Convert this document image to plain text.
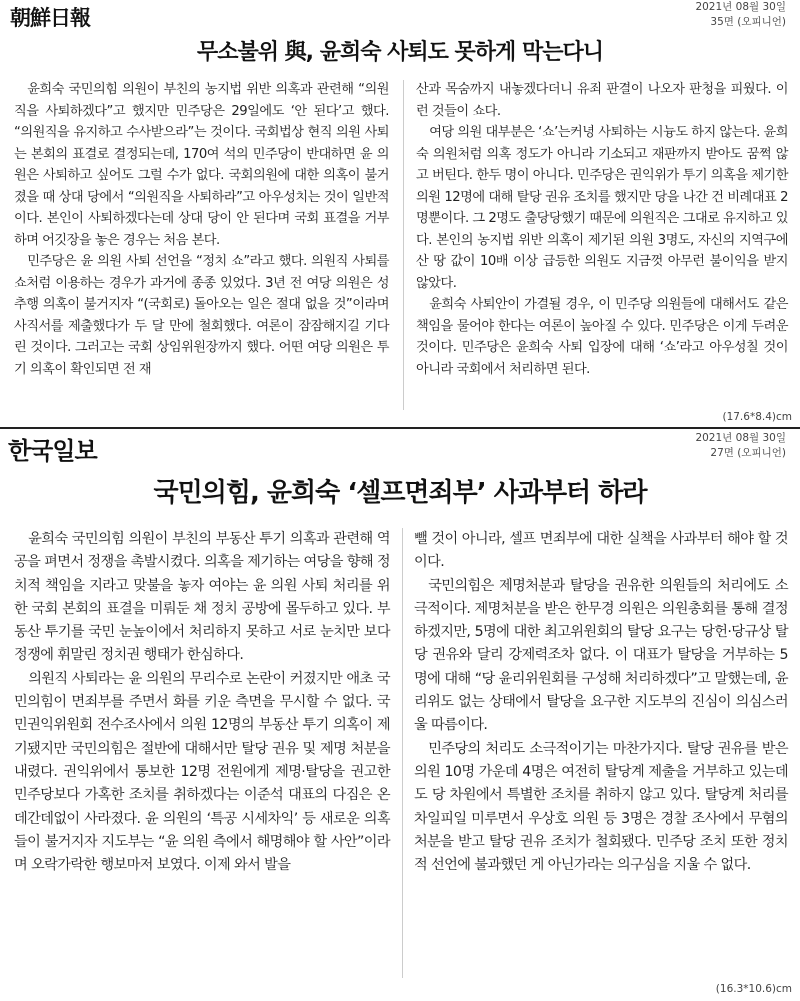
朝鮮日報	2021년 08월 30일
35면 (오피니언)
무소불위 與, 윤희숙 사퇴도 못하게 막는다니

윤희숙 국민의힘 의원이 부친의 농지법 위반 의혹과 관련해 “의원직을 사퇴하겠다”고 했지만 민주당은 29일에도 ‘안 된다’고 했다. “의원직을 유지하고 수사받으라”는 것이다. 국회법상 현직 의원 사퇴는 본회의 표결로 결정되는데, 170여 석의 민주당이 반대하면 윤 의원은 사퇴하고 싶어도 그럴 수가 없다. 국회의원에 대한 의혹이 불거졌을 때 상대 당에서 “의원직을 사퇴하라”고 아우성치는 것이 일반적이다. 본인이 사퇴하겠다는데 상대 당이 안 된다며 국회 표결을 거부하며 어깃장을 놓은 경우는 처음 본다.

민주당은 윤 의원 사퇴 선언을 “정치 쇼”라고 했다. 의원직 사퇴를 쇼처럼 이용하는 경우가 과거에 종종 있었다. 3년 전 여당 의원은 성추행 의혹이 불거지자 “(국회로) 돌아오는 일은 절대 없을 것”이라며 사직서를 제출했다가 두 달 만에 철회했다. 여론이 잠잠해지길 기다린 것이다. 그러고는 국회 상임위원장까지 했다. 어떤 여당 의원은 투기 의혹이 확인되면 전 재

산과 목숨까지 내놓겠다더니 유죄 판결이 나오자 판청을 피웠다. 이런 것들이 쇼다.

여당 의원 대부분은 ‘쇼’는커녕 사퇴하는 시늉도 하지 않는다. 윤희숙 의원처럼 의혹 정도가 아니라 기소되고 재판까지 받아도 꿈쩍 않고 버틴다. 한두 명이 아니다. 민주당은 권익위가 투기 의혹을 제기한 의원 12명에 대해 탈당 권유 조치를 했지만 당을 나간 건 비례대표 2명뿐이다. 그 2명도 출당당했기 때문에 의원직은 그대로 유지하고 있다. 본인의 농지법 위반 의혹이 제기된 의원 3명도, 자신의 지역구에 산 땅 값이 10배 이상 급등한 의원도 지금껏 아무런 불이익을 받지 않았다.

윤희숙 사퇴안이 가결될 경우, 이 민주당 의원들에 대해서도 같은 책임을 물어야 한다는 여론이 높아질 수 있다. 민주당은 이게 두려운 것이다. 민주당은 윤희숙 사퇴 입장에 대해 ‘쇼’라고 아우성칠 것이 아니라 국회에서 처리하면 된다.

(17.6*8.4)cm
한국일보	2021년 08월 30일
27면 (오피니언)
국민의힘, 윤희숙 ‘셀프면죄부’ 사과부터 하라

윤희숙 국민의힘 의원이 부친의 부동산 투기 의혹과 관련해 역공을 펴면서 정쟁을 촉발시켰다. 의혹을 제기하는 여당을 향해 정치적 책임을 지라고 맞불을 놓자 여야는 윤 의원 사퇴 처리를 위한 국회 본회의 표결을 미뤄둔 채 정치 공방에 몰두하고 있다. 부동산 투기를 국민 눈높이에서 처리하지 못하고 서로 눈치만 보다 정쟁에 휘말린 정치권 행태가 한심하다.

의원직 사퇴라는 윤 의원의 무리수로 논란이 커졌지만 애초 국민의힘이 면죄부를 주면서 화를 키운 측면을 무시할 수 없다. 국민권익위원회 전수조사에서 의원 12명의 부동산 투기 의혹이 제기됐지만 국민의힘은 절반에 대해서만 탈당 권유 및 제명 처분을 내렸다. 권익위에서 통보한 12명 전원에게 제명·탈당을 권고한 민주당보다 가혹한 조치를 취하겠다는 이준석 대표의 다짐은 온데간데없이 사라졌다. 윤 의원의 ‘특공 시세차익’ 등 새로운 의혹들이 불거지자 지도부는 “윤 의원 측에서 해명해야 할 사안”이라며 오락가락한 행보마저 보였다. 이제 와서 발을

뺄 것이 아니라, 셀프 면죄부에 대한 실책을 사과부터 해야 할 것이다.

국민의힘은 제명처분과 탈당을 권유한 의원들의 처리에도 소극적이다. 제명처분을 받은 한무경 의원은 의원총회를 통해 결정하겠지만, 5명에 대한 최고위원회의 탈당 요구는 당헌·당규상 탈당 권유와 달리 강제력조차 없다. 이 대표가 탈당을 거부하는 5명에 대해 “당 윤리위원회를 구성해 처리하겠다”고 말했는데, 윤리위도 없는 상태에서 탈당을 요구한 지도부의 진심이 의심스러울 따름이다.

민주당의 처리도 소극적이기는 마찬가지다. 탈당 권유를 받은 의원 10명 가운데 4명은 여전히 탈당계 제출을 거부하고 있는데도 당 차원에서 특별한 조치를 취하지 않고 있다. 탈당계 처리를 차일피일 미루면서 우상호 의원 등 3명은 경찰 조사에서 무혐의 처분을 받고 탈당 권유 조치가 철회됐다. 민주당 조치 또한 정치적 선언에 불과했던 게 아닌가라는 의구심을 지울 수 없다.

(16.3*10.6)cm
